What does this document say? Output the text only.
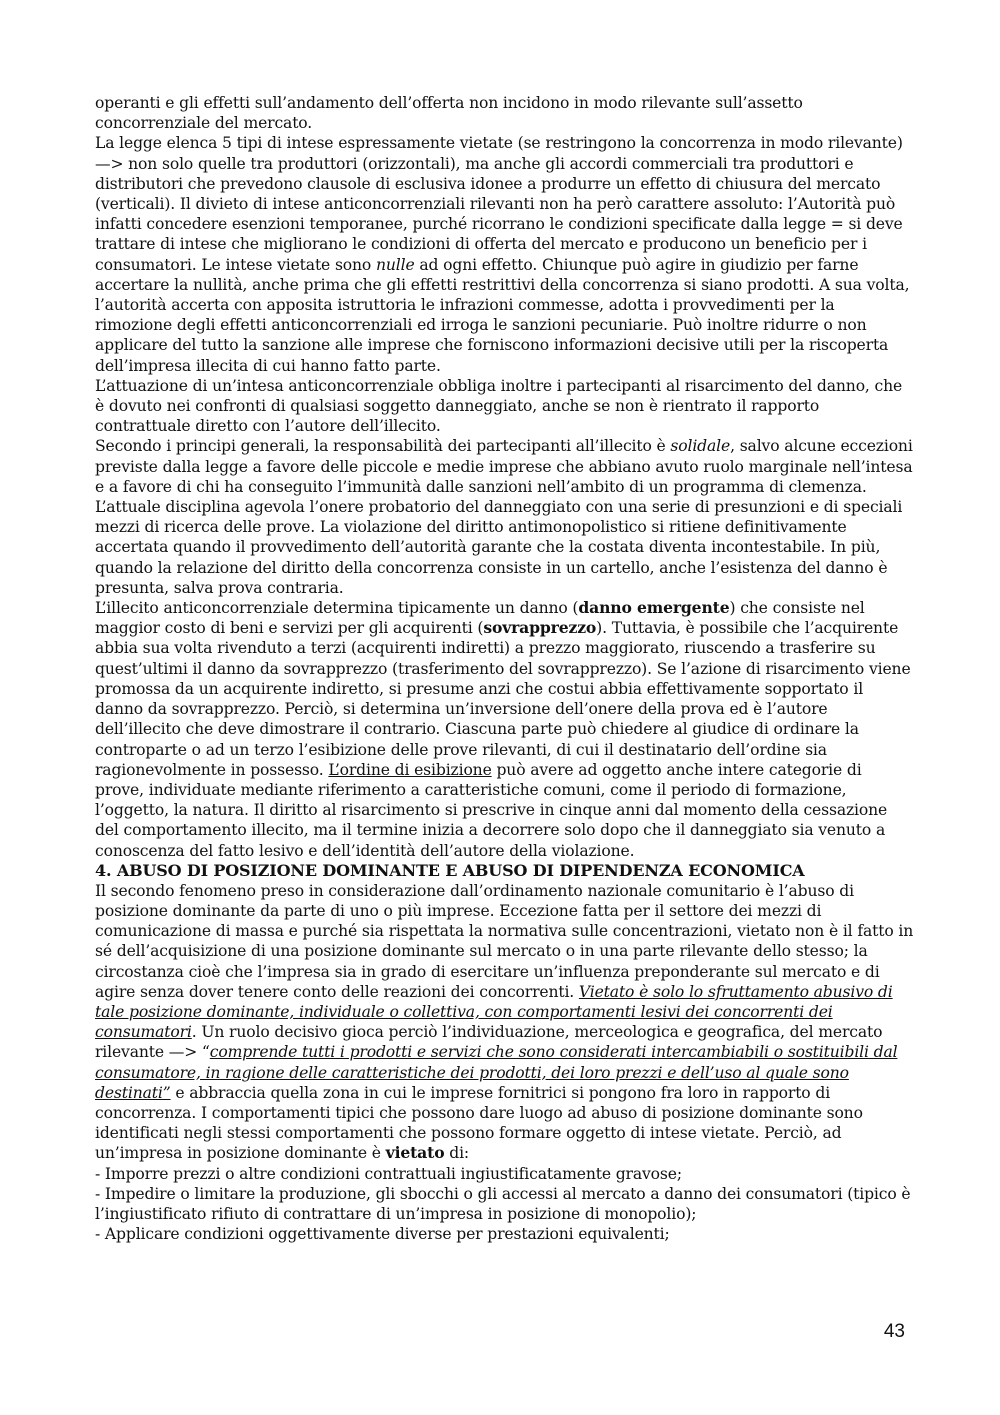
operanti e gli effetti sull’andamento dell’offerta non incidono in modo rilevante sull’assetto concorrenziale del mercato.

La legge elenca 5 tipi di intese espressamente vietate (se restringono la concorrenza in modo rilevante) —> non solo quelle tra produttori (orizzontali), ma anche gli accordi commerciali tra produttori e distributori che prevedono clausole di esclusiva idonee a produrre un effetto di chiusura del mercato (verticali). Il divieto di intese anticoncorrenziali rilevanti non ha però carattere assoluto: l’Autorità può infatti concedere esenzioni temporanee, purché ricorrano le condizioni specificate dalla legge = si deve trattare di intese che migliorano le condizioni di offerta del mercato e producono un beneficio per i consumatori. Le intese vietate sono nulle ad ogni effetto. Chiunque può agire in giudizio per farne accertare la nullità, anche prima che gli effetti restrittivi della concorrenza si siano prodotti. A sua volta, l’autorità accerta con apposita istruttoria le infrazioni commesse, adotta i provvedimenti per la rimozione degli effetti anticoncorrenziali ed irroga le sanzioni pecuniarie. Può inoltre ridurre o non applicare del tutto la sanzione alle imprese che forniscono informazioni decisive utili per la riscoperta dell’impresa illecita di cui hanno fatto parte.

L’attuazione di un’intesa anticoncorrenziale obbliga inoltre i partecipanti al risarcimento del danno, che è dovuto nei confronti di qualsiasi soggetto danneggiato, anche se non è rientrato il rapporto contrattuale diretto con l’autore dell’illecito.

Secondo i principi generali, la responsabilità dei partecipanti all’illecito è solidale, salvo alcune eccezioni previste dalla legge a favore delle piccole e medie imprese che abbiano avuto ruolo marginale nell’intesa e a favore di chi ha conseguito l’immunità dalle sanzioni nell’ambito di un programma di clemenza. L’attuale disciplina agevola l’onere probatorio del danneggiato con una serie di presunzioni e di speciali mezzi di ricerca delle prove. La violazione del diritto antimonopolistico si ritiene definitivamente accertata quando il provvedimento dell’autorità garante che la costata diventa incontestabile. In più, quando la relazione del diritto della concorrenza consiste in un cartello, anche l’esistenza del danno è presunta, salva prova contraria.

L’illecito anticoncorrenziale determina tipicamente un danno (danno emergente) che consiste nel maggior costo di beni e servizi per gli acquirenti (sovrapprezzo). Tuttavia, è possibile che l’acquirente abbia sua volta rivenduto a terzi (acquirenti indiretti) a prezzo maggiorato, riuscendo a trasferire su quest’ultimi il danno da sovrapprezzo (trasferimento del sovrapprezzo). Se l’azione di risarcimento viene promossa da un acquirente indiretto, si presume anzi che costui abbia effettivamente sopportato il danno da sovrapprezzo. Perciò, si determina un’inversione dell’onere della prova ed è l’autore dell’illecito che deve dimostrare il contrario. Ciascuna parte può chiedere al giudice di ordinare la controparte o ad un terzo l’esibizione delle prove rilevanti, di cui il destinatario dell’ordine sia ragionevolmente in possesso. L’ordine di esibizione può avere ad oggetto anche intere categorie di prove, individuate mediante riferimento a caratteristiche comuni, come il periodo di formazione, l’oggetto, la natura. Il diritto al risarcimento si prescrive in cinque anni dal momento della cessazione del comportamento illecito, ma il termine inizia a decorrere solo dopo che il danneggiato sia venuto a conoscenza del fatto lesivo e dell’identità dell’autore della violazione.

4. ABUSO DI POSIZIONE DOMINANTE E ABUSO DI DIPENDENZA ECONOMICA

Il secondo fenomeno preso in considerazione dall’ordinamento nazionale comunitario è l’abuso di posizione dominante da parte di uno o più imprese. Eccezione fatta per il settore dei mezzi di comunicazione di massa e purché sia rispettata la normativa sulle concentrazioni, vietato non è il fatto in sé dell’acquisizione di una posizione dominante sul mercato o in una parte rilevante dello stesso; la circostanza cioè che l’impresa sia in grado di esercitare un’influenza preponderante sul mercato e di agire senza dover tenere conto delle reazioni dei concorrenti. Vietato è solo lo sfruttamento abusivo di tale posizione dominante, individuale o collettiva, con comportamenti lesivi dei concorrenti dei consumatori. Un ruolo decisivo gioca perciò l’individuazione, merceologica e geografica, del mercato rilevante —> “comprende tutti i prodotti e servizi che sono considerati intercambiabili o sostituibili dal consumatore, in ragione delle caratteristiche dei prodotti, dei loro prezzi e dell’uso al quale sono destinati” e abbraccia quella zona in cui le imprese fornitrici si pongono fra loro in rapporto di concorrenza. I comportamenti tipici che possono dare luogo ad abuso di posizione dominante sono identificati negli stessi comportamenti che possono formare oggetto di intese vietate. Perciò, ad un’impresa in posizione dominante è vietato di:

- Imporre prezzi o altre condizioni contrattuali ingiustificatamente gravose;

- Impedire o limitare la produzione, gli sbocchi o gli accessi al mercato a danno dei consumatori (tipico è l’ingiustificato rifiuto di contrattare di un’impresa in posizione di monopolio);

- Applicare condizioni oggettivamente diverse per prestazioni equivalenti;

43
